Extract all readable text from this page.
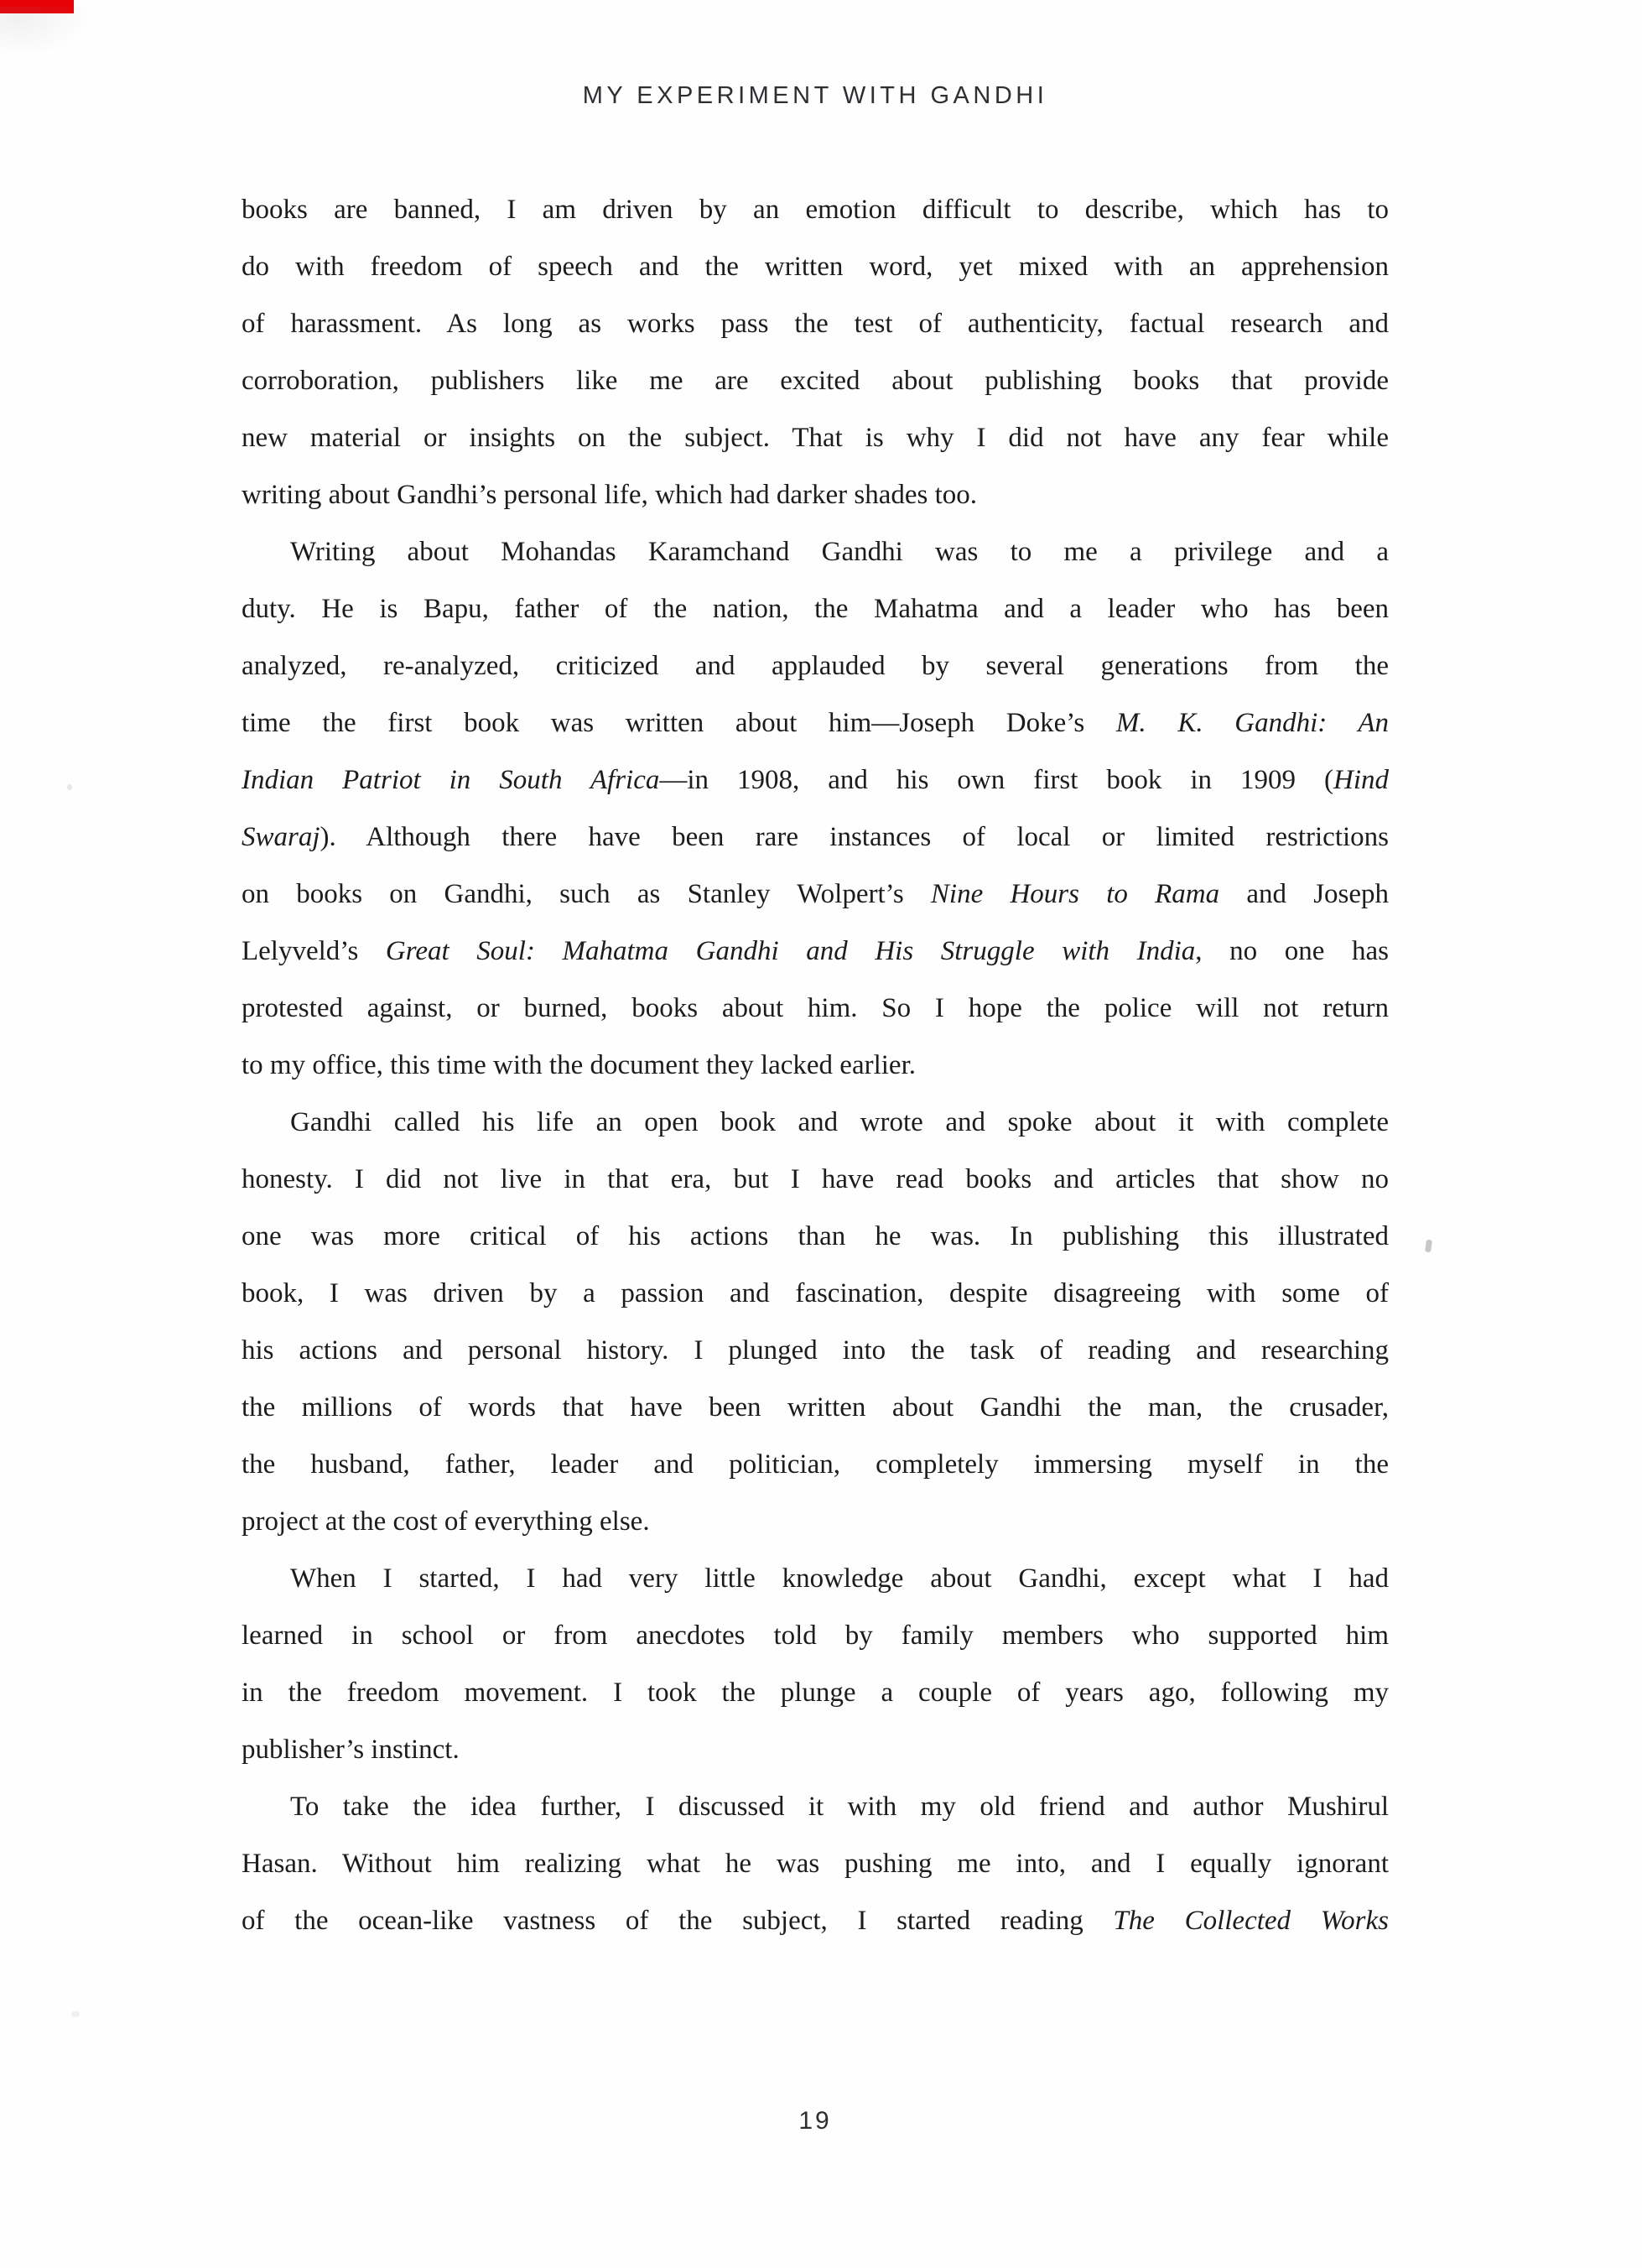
MY EXPERIMENT WITH GANDHI
books are banned, I am driven by an emotion difficult to describe, which has to
do with freedom of speech and the written word, yet mixed with an apprehension
of harassment. As long as works pass the test of authenticity, factual research and
corroboration, publishers like me are excited about publishing books that provide
new material or insights on the subject. That is why I did not have any fear while
writing about Gandhi’s personal life, which had darker shades too.
Writing about Mohandas Karamchand Gandhi was to me a privilege and a
duty. He is Bapu, father of the nation, the Mahatma and a leader who has been
analyzed, re-analyzed, criticized and applauded by several generations from the
time the first book was written about him—Joseph Doke’s M. K. Gandhi: An
Indian Patriot in South Africa—in 1908, and his own first book in 1909 (Hind
Swaraj). Although there have been rare instances of local or limited restrictions
on books on Gandhi, such as Stanley Wolpert’s Nine Hours to Rama and Joseph
Lelyveld’s Great Soul: Mahatma Gandhi and His Struggle with India, no one has
protested against, or burned, books about him. So I hope the police will not return
to my office, this time with the document they lacked earlier.
Gandhi called his life an open book and wrote and spoke about it with complete
honesty. I did not live in that era, but I have read books and articles that show no
one was more critical of his actions than he was. In publishing this illustrated
book, I was driven by a passion and fascination, despite disagreeing with some of
his actions and personal history. I plunged into the task of reading and researching
the millions of words that have been written about Gandhi the man, the crusader,
the husband, father, leader and politician, completely immersing myself in the
project at the cost of everything else.
When I started, I had very little knowledge about Gandhi, except what I had
learned in school or from anecdotes told by family members who supported him
in the freedom movement. I took the plunge a couple of years ago, following my
publisher’s instinct.
To take the idea further, I discussed it with my old friend and author Mushirul
Hasan. Without him realizing what he was pushing me into, and I equally ignorant
of the ocean-like vastness of the subject, I started reading The Collected Works
19
